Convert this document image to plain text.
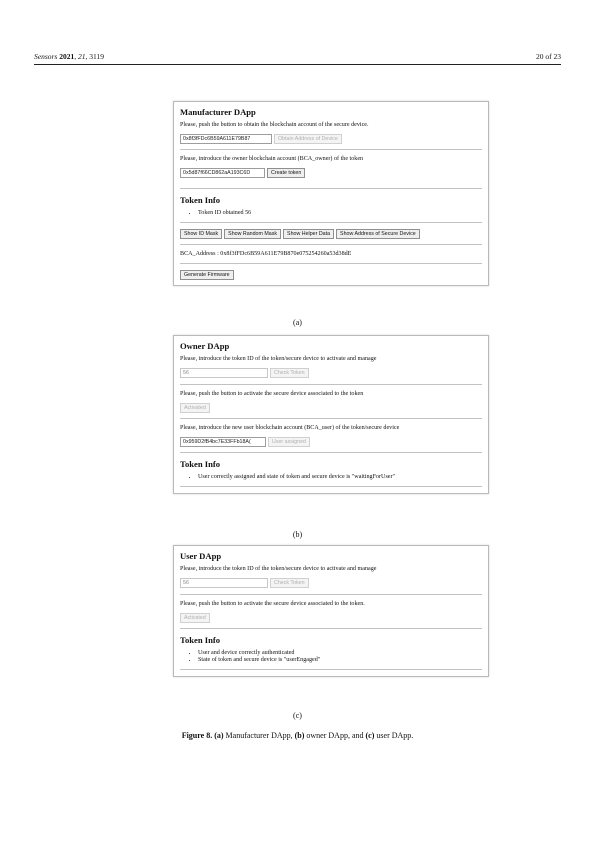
Sensors 2021, 21, 3119	20 of 23
Manufacturer DApp

Please, push the button to obtain the blockchain account of the secure device.

0x8f3fFDc6B59A611E79B87	Obtain Address of Device

Please, introduce the owner blockchain account (BCA_owner) of the token

0x5d87f66CD862aA193C6D	Create token
Token Info
• Token ID obtained 56
Show ID Mask	Show Random Mask	Show Helper Data	Show Address of Secure Device

BCA_Address : 0x8f3fFDc6B59A611E79B870e075254260a53d38dE

Generate Firmware
(a)
Owner DApp

Please, introduce the token ID of the token/secure device to activate and manage

56	Check Token

Please, push the button to activate the secure device associated to the token

Activated

Please, introduce the new user blockchain account (BCA_user) of the token/secure device

0x959D2fB4bc7E33FFb18A(	User assigned
Token Info
• User correctly assigned and state of token and secure device is "waitingForUser"
(b)
User DApp

Please, introduce the token ID of the token/secure device to activate and manage

56	Check Token

Please, push the button to activate the secure device associated to the token.

Activated
Token Info
• User and device correctly authenticated
• State of token and secure device is "userEngaged"
(c)
Figure 8. (a) Manufacturer DApp, (b) owner DApp, and (c) user DApp.
